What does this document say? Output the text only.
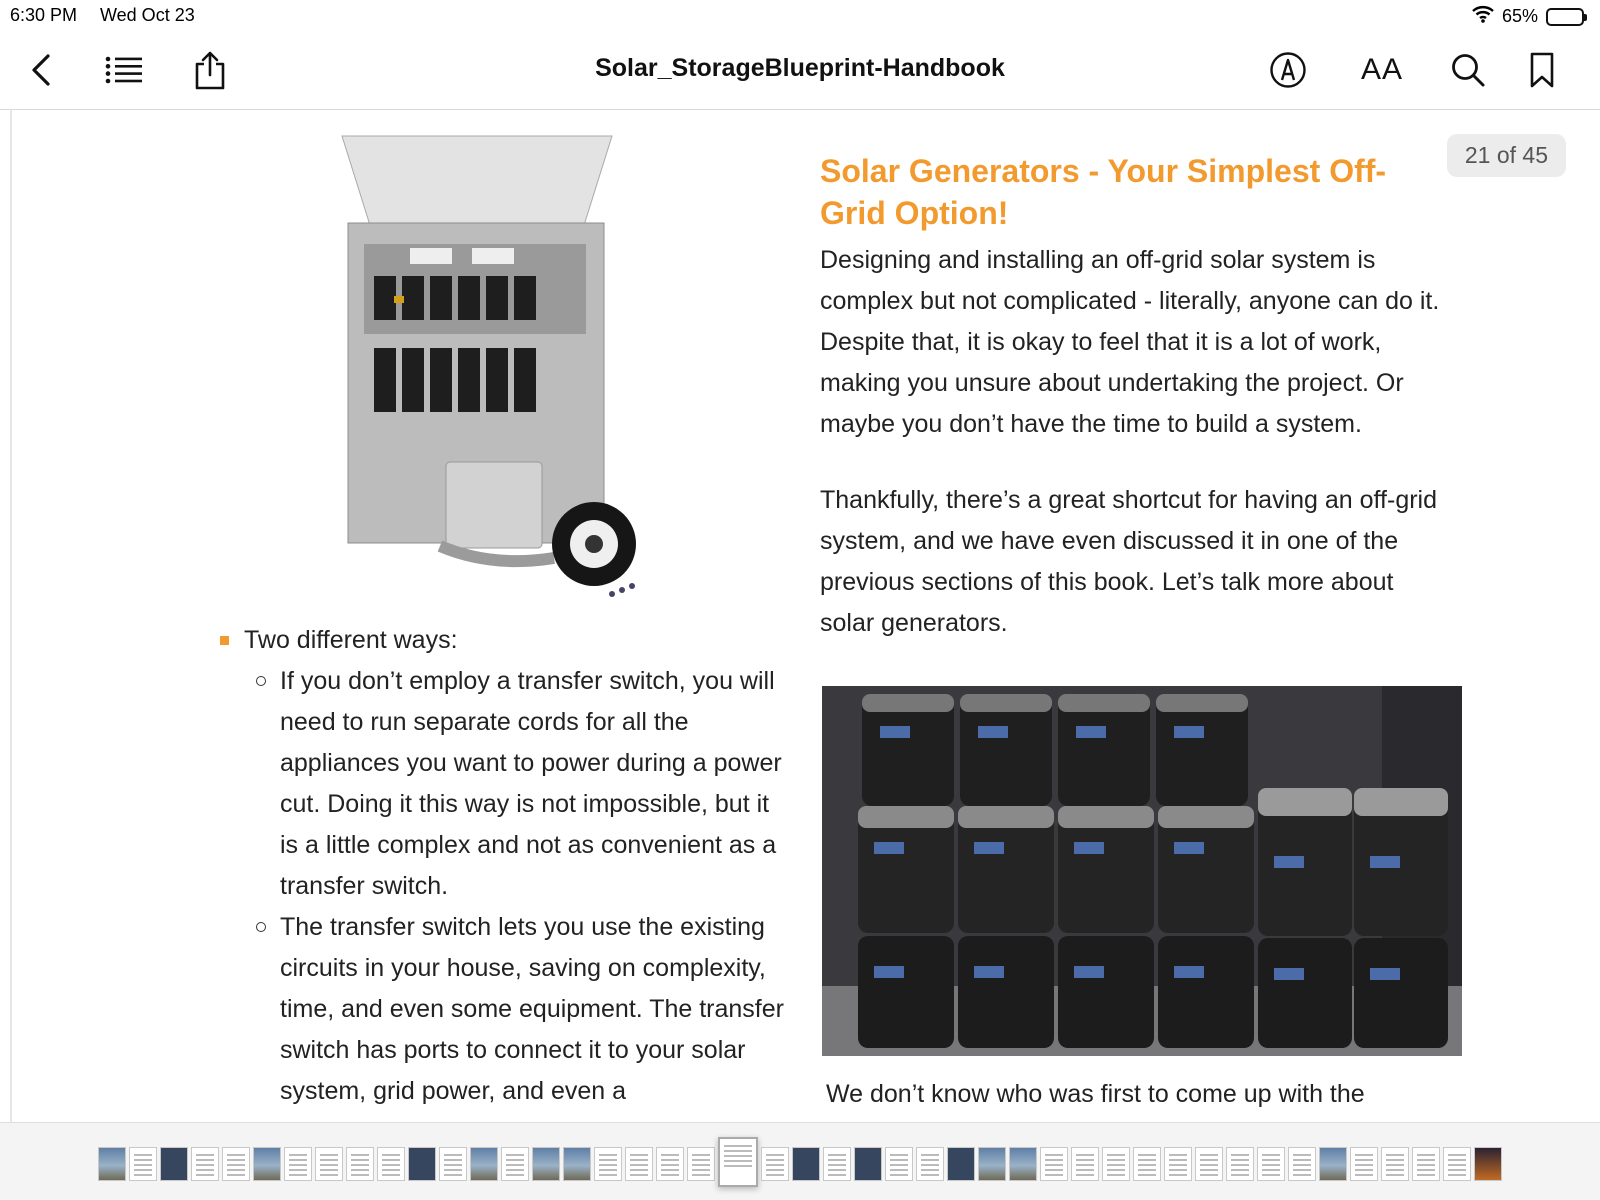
6:30 PM Wed Oct 23	65%
Solar_StorageBlueprint-Handbook	AA
21 of 45
Two different ways:
If you don’t employ a transfer switch, you will need to run separate cords for all the appliances you want to power during a power cut. Doing it this way is not impossible, but it is a little complex and not as convenient as a transfer switch.
The transfer switch lets you use the existing circuits in your house, saving on complexity, time, and even some equipment. The transfer switch has ports to connect it to your solar system, grid power, and even a
Solar Generators - Your Simplest Off-Grid Option!
Designing and installing an off-grid solar system is complex but not complicated - literally, anyone can do it. Despite that, it is okay to feel that it is a lot of work, making you unsure about undertaking the project. Or maybe you don’t have the time to build a system.
Thankfully, there’s a great shortcut for having an off-grid system, and we have even discussed it in one of the previous sections of this book. Let’s talk more about solar generators.
We don’t know who was first to come up with the
